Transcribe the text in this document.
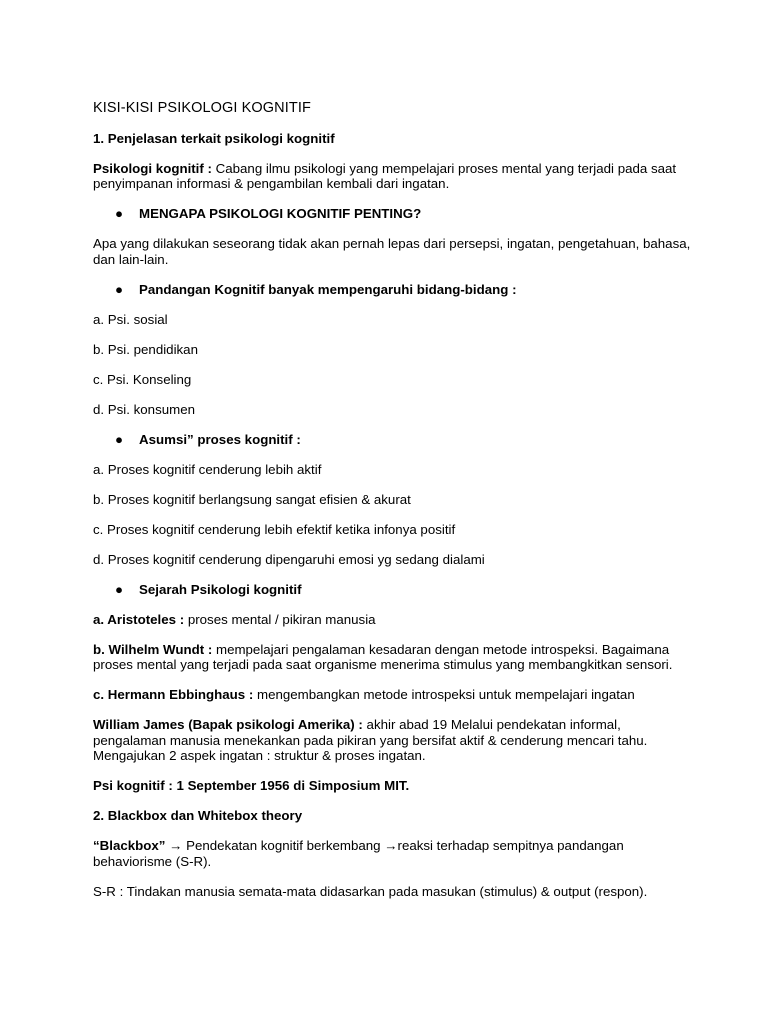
KISI-KISI PSIKOLOGI KOGNITIF

1. Penjelasan terkait psikologi kognitif

Psikologi kognitif : Cabang ilmu psikologi yang mempelajari proses mental yang terjadi pada saat penyimpanan informasi & pengambilan kembali dari ingatan.

● MENGAPA PSIKOLOGI KOGNITIF PENTING?

Apa yang dilakukan seseorang tidak akan pernah lepas dari persepsi, ingatan, pengetahuan, bahasa, dan lain-lain.

● Pandangan Kognitif banyak mempengaruhi bidang-bidang :

a. Psi. sosial

b. Psi. pendidikan

c. Psi. Konseling

d. Psi. konsumen

● Asumsi” proses kognitif :

a. Proses kognitif cenderung lebih aktif

b. Proses kognitif berlangsung sangat efisien & akurat

c. Proses kognitif cenderung lebih efektif ketika infonya positif

d. Proses kognitif cenderung dipengaruhi emosi yg sedang dialami

● Sejarah Psikologi kognitif

a. Aristoteles : proses mental / pikiran manusia

b. Wilhelm Wundt : mempelajari pengalaman kesadaran dengan metode introspeksi. Bagaimana proses mental yang terjadi pada saat organisme menerima stimulus yang membangkitkan sensori.

c. Hermann Ebbinghaus : mengembangkan metode introspeksi untuk mempelajari ingatan

William James (Bapak psikologi Amerika) : akhir abad 19 Melalui pendekatan informal, pengalaman manusia menekankan pada pikiran yang bersifat aktif & cenderung mencari tahu. Mengajukan 2 aspek ingatan : struktur & proses ingatan.

Psi kognitif : 1 September 1956 di Simposium MIT.

2. Blackbox dan Whitebox theory

“Blackbox” → Pendekatan kognitif berkembang →reaksi terhadap sempitnya pandangan behaviorisme (S-R).

S-R : Tindakan manusia semata-mata didasarkan pada masukan (stimulus) & output (respon).
